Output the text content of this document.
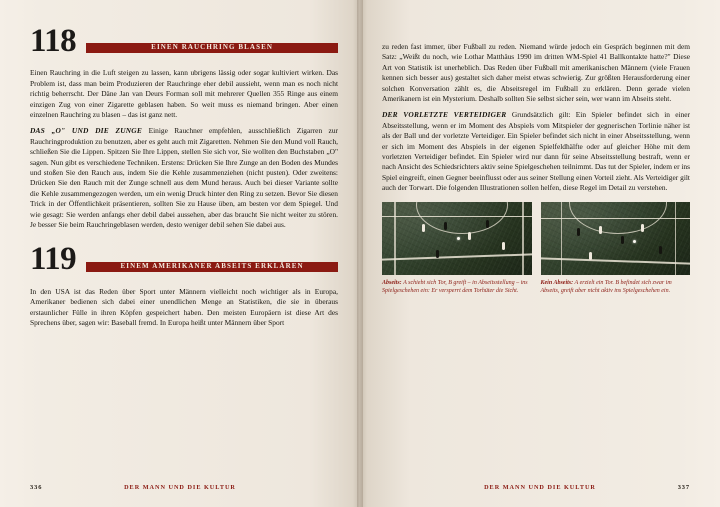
118	EINEN RAUCHRING BLASEN

Einen Rauchring in die Luft steigen zu lassen, kann ubrigens lässig oder sogar kultiviert wirken. Das Problem ist, dass man beim Produzieren der Rauchringe eher debil aussieht, wenn man es noch nicht richtig beherrscht. Der Däne Jan van Deurs Forman soll mit mehrerer Quellen 355 Ringe aus einem einzigen Zug von einer Zigarette geblasen haben. So weit muss es niemand bringen. Aber einen einzelnen Rauchring zu blasen – das ist ganz nett.

DAS „O" UND DIE ZUNGE Einige Rauchner empfehlen, ausschließlich Zigarren zur Rauchringproduktion zu benutzen, aber es geht auch mit Zigaretten. Nehmen Sie den Mund voll Rauch, schließen Sie die Lippen. Spitzen Sie Ihre Lippen, stellen Sie sich vor, Sie wollten den Buchstaben „O" sagen. Nun gibt es verschiedene Techniken. Erstens: Drücken Sie Ihre Zunge an den Boden des Mundes und stoßen Sie den Rauch aus, indem Sie die Kehle zusammenziehen (nicht pusten). Oder zweitens: Drücken Sie den Rauch mit der Zunge schnell aus dem Mund heraus. Auch bei dieser Variante sollte die Kehle zusammengezogen werden, um ein wenig Druck hinter den Ring zu setzen. Bevor Sie diesen Trick in der Öffentlichkeit präsentieren, sollten Sie zu Hause üben, am besten vor dem Spiegel. Und wie gesagt: Sie werden anfangs eher debil dabei aussehen, aber das braucht Sie nicht weiter zu stören. Je besser Sie beim Rauchringeblasen werden, desto weniger debil sehen Sie dabei aus.

119	EINEM AMERIKANER ABSEITS ERKLÄREN

In den USA ist das Reden über Sport unter Männern vielleicht noch wichtiger als in Europa, Amerikaner bedienen sich dabei einer unendlichen Menge an Statistiken, die sie in überaus erstaunlicher Fülle in ihren Köpfen gespeichert haben. Den meisten Europäern ist diese Art des Sprechens über, sagen wir: Baseball fremd. In Europa heißt unter Männern über Sport

336	DER MANN UND DIE KULTUR

zu reden fast immer, über Fußball zu reden. Niemand würde jedoch ein Gespräch beginnen mit dem Satz: „Weißt du noch, wie Lothar Matthäus 1990 im dritten WM-Spiel 41 Ballkontakte hatte?" Diese Art von Statistik ist unerheblich. Das Reden über Fußball mit amerikanischen Männern (viele Frauen kennen sich besser aus) gestaltet sich daher meist etwas schwierig. Zur größten Herausforderung einer solchen Konversation zählt es, die Abseitsregel im Fußball zu erklären. Denn gerade vielen Amerikanern ist ein Mysterium. Deshalb sollten Sie selbst sicher sein, wer wann im Abseits steht.

DER VORLETZTE VERTEIDIGER Grundsätzlich gilt: Ein Spieler befindet sich in einer Abseitsstellung, wenn er im Moment des Abspiels vom Mitspieler der gegnerischen Torlinie näher ist als der Ball und der vorletzte Verteidiger. Ein Spieler befindet sich nicht in einer Abseitsstellung, wenn er sich im Moment des Abspiels in der eigenen Spielfeldhälfte oder auf gleicher Höhe mit dem vorletzten Verteidiger befindet. Ein Spieler wird nur dann für seine Abseitsstellung bestraft, wenn er nach Ansicht des Schiedsrichters aktiv seine Spielgeschehen teilnimmt. Das tut der Spieler, indem er ins Spiel eingreift, einen Gegner beeinflusst oder aus seiner Stellung einen Vorteil zieht. Als Verteidiger gilt auch der Torwart. Die folgenden Illustrationen sollen helfen, diese Regel im Detail zu verstehen.

Abseits: A schiebt sich Tor, B greift – in Abseitsstellung – ins Spielgeschehen ein: Er versperrt dem Torhüter die Sicht.
Kein Abseits: A erzielt ein Tor. B befindet sich zwar im Abseits, greift aber nicht aktiv ins Spielgeschehen ein.
DER MANN UND DIE KULTUR	337
